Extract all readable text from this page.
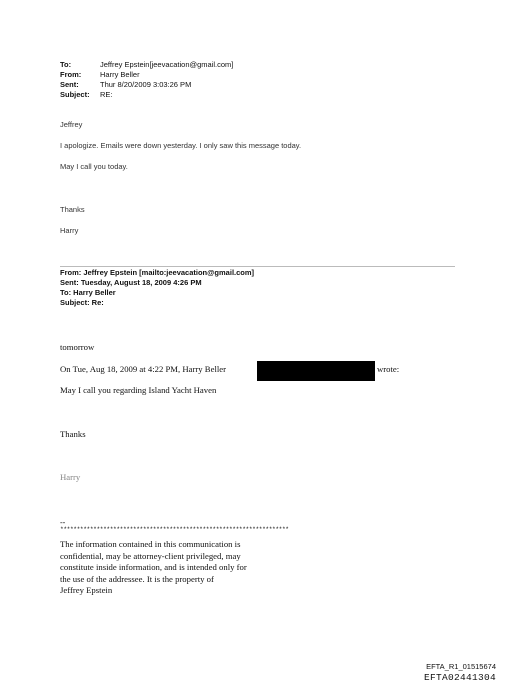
To:	Jeffrey Epstein[jeevacation@gmail.com]
From:	Harry Beller
Sent:	Thur 8/20/2009 3:03:26 PM
Subject:	RE:
Jeffrey
I apologize. Emails were down yesterday. I only saw this message today.
May I call you today.
Thanks
Harry
From: Jeffrey Epstein [mailto:jeevacation@gmail.com]
Sent: Tuesday, August 18, 2009 4:26 PM
To: Harry Beller
Subject: Re:
tomorrow
On Tue, Aug 18, 2009 at 4:22 PM, Harry Beller	wrote:
May I call you regarding Island Yacht Haven
Thanks
Harry
--
*********************************************************************
The information contained in this communication is
confidential, may be attorney-client privileged, may
constitute inside information, and is intended only for
the use of the addressee. It is the property of
Jeffrey Epstein
EFTA_R1_01515674
EFTA02441304
